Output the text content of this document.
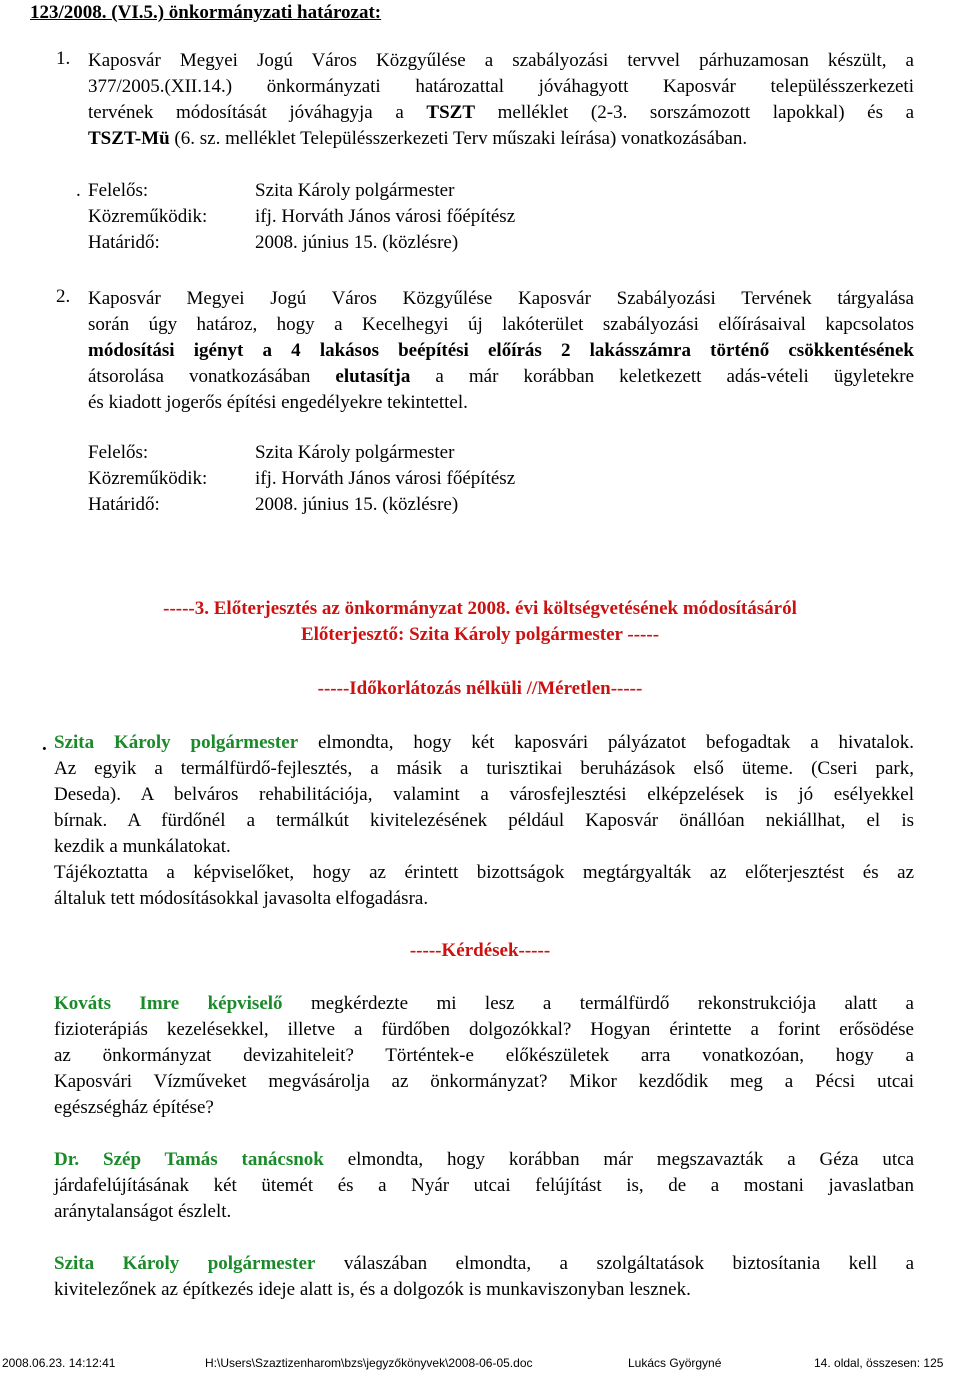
123/2008. (VI.5.) önkormányzati határozat:
1. Kaposvár Megyei Jogú Város Közgyűlése a szabályozási tervvel párhuzamosan készült, a
377/2005.(XII.14.) önkormányzati határozattal jóváhagyott Kaposvár településszerkezeti
tervének módosítását jóváhagyja a TSZT melléklet (2-3. sorszámozott lapokkal) és a
TSZT-Mü (6. sz. melléklet Településszerkezeti Terv műszaki leírása) vonatkozásában.
. Felelős:	Szita Károly polgármester
Közreműködik:	ifj. Horváth János városi főépítész
Határidő:	2008. június 15. (közlésre)
2. Kaposvár Megyei Jogú Város Közgyűlése Kaposvár Szabályozási Tervének tárgyalása
során úgy határoz, hogy a Kecelhegyi új lakóterület szabályozási előírásaival kapcsolatos
módosítási igényt a 4 lakásos beépítési előírás 2 lakásszámra történő csökkentésének
átsorolása vonatkozásában elutasítja a már korábban keletkezett adás-vételi ügyletekre
és kiadott jogerős építési engedélyekre tekintettel.
Felelős:	Szita Károly polgármester
Közreműködik:	ifj. Horváth János városi főépítész
Határidő:	2008. június 15. (közlésre)
-----3. Előterjesztés az önkormányzat 2008. évi költségvetésének módosításáról
Előterjesztő: Szita Károly polgármester -----
-----Időkorlátozás nélküli //Méretlen-----
. Szita Károly polgármester elmondta, hogy két kaposvári pályázatot befogadtak a hivatalok.
Az egyik a termálfürdő-fejlesztés, a másik a turisztikai beruházások első üteme. (Cseri park,
Deseda). A belváros rehabilitációja, valamint a városfejlesztési elképzelések is jó esélyekkel
bírnak. A fürdőnél a termálkút kivitelezésének például Kaposvár önállóan nekiállhat, el is
kezdik a munkálatokat.
Tájékoztatta a képviselőket, hogy az érintett bizottságok megtárgyalták az előterjesztést és az
általuk tett módosításokkal javasolta elfogadásra.
-----Kérdések-----
Kováts Imre képviselő megkérdezte mi lesz a termálfürdő rekonstrukciója alatt a
fizioterápiás kezelésekkel, illetve a fürdőben dolgozókkal? Hogyan érintette a forint erősödése
az önkormányzat devizahiteleit? Történtek-e előkészületek arra vonatkozóan, hogy a
Kaposvári Vízműveket megvásárolja az önkormányzat? Mikor kezdődik meg a Pécsi utcai
egészségház építése?
Dr. Szép Tamás tanácsnok elmondta, hogy korábban már megszavazták a Géza utca
járdafelújításának két ütemét és a Nyár utcai felújítást is, de a mostani javaslatban
aránytalanságot észlelt.
Szita Károly polgármester válaszában elmondta, a szolgáltatások biztosítania kell a
kivitelezőnek az építkezés ideje alatt is, és a dolgozók is munkaviszonyban lesznek.
2008.06.23. 14:12:41	H:\Users\Szaztizenharom\bzs\jegyzőkönyvek\2008-06-05.doc	Lukács Györgyné	14. oldal, összesen: 125
